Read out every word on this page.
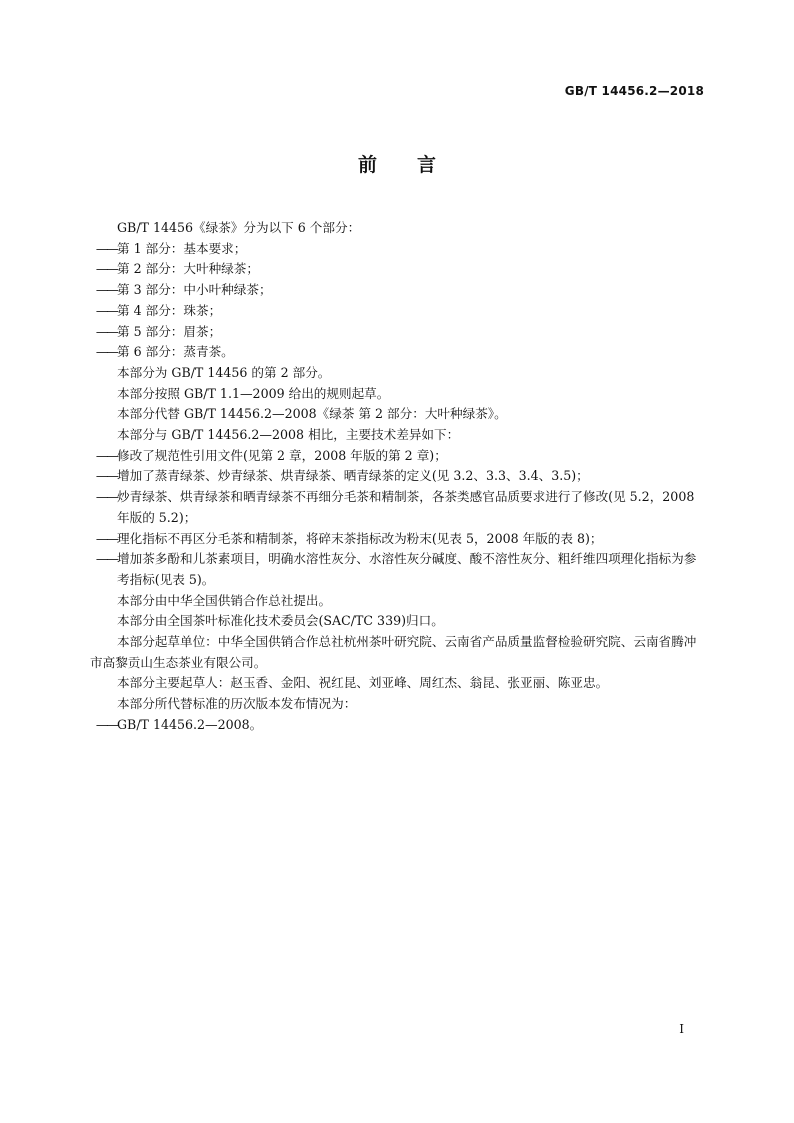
GB/T 14456.2—2018
前言

GB/T 14456《绿茶》分为以下 6 个部分：

—— 第 1 部分：基本要求；
—— 第 2 部分：大叶种绿茶；
—— 第 3 部分：中小叶种绿茶；
—— 第 4 部分：珠茶；
—— 第 5 部分：眉茶；
—— 第 6 部分：蒸青茶。

本部分为 GB/T 14456 的第 2 部分。

本部分按照 GB/T 1.1—2009 给出的规则起草。

本部分代替 GB/T 14456.2—2008《绿茶 第 2 部分：大叶种绿茶》。

本部分与 GB/T 14456.2—2008 相比，主要技术差异如下：

—— 修改了规范性引用文件(见第 2 章，2008 年版的第 2 章)；
—— 增加了蒸青绿茶、炒青绿茶、烘青绿茶、晒青绿茶的定义(见 3.2、3.3、3.4、3.5)；
—— 炒青绿茶、烘青绿茶和晒青绿茶不再细分毛茶和精制茶，各茶类感官品质要求进行了修改(见 5.2，2008 年版的 5.2)；
—— 理化指标不再区分毛茶和精制茶，将碎末茶指标改为粉末(见表 5，2008 年版的表 8)；
—— 增加茶多酚和儿茶素项目，明确水溶性灰分、水溶性灰分碱度、酸不溶性灰分、粗纤维四项理化指标为参考指标(见表 5)。

本部分由中华全国供销合作总社提出。

本部分由全国茶叶标准化技术委员会(SAC/TC 339)归口。

本部分起草单位：中华全国供销合作总社杭州茶叶研究院、云南省产品质量监督检验研究院、云南省腾冲市高黎贡山生态茶业有限公司。

本部分主要起草人：赵玉香、金阳、祝红昆、刘亚峰、周红杰、翁昆、张亚丽、陈亚忠。

本部分所代替标准的历次版本发布情况为：

—— GB/T 14456.2—2008。
I
